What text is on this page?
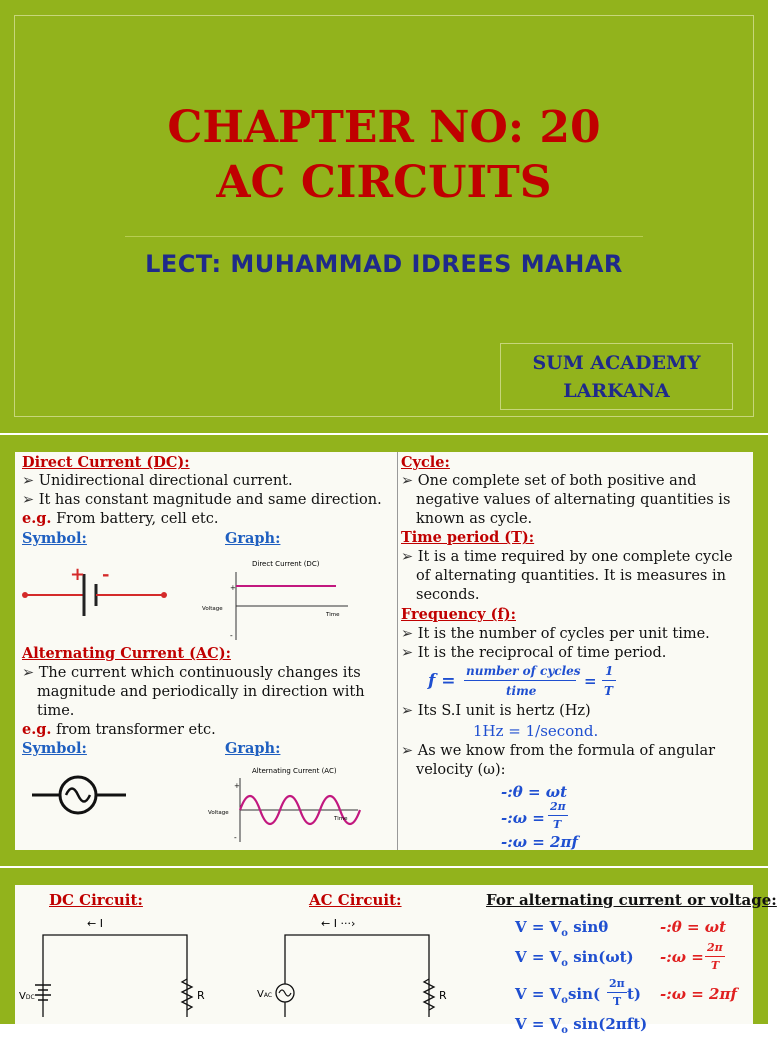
CHAPTER NO: 20
AC CIRCUITS
LECT: MUHAMMAD IDREES MAHAR
SUM ACADEMY
LARKANA
Direct Current (DC):
➢ Unidirectional directional current.
➢ It has constant magnitude and same direction.
e.g. From battery, cell etc.
Symbol:	Graph:
+ -	Direct Current (DC)
+
-
Voltage
Time
Alternating Current (AC):
➢ The current which continuously changes its
magnitude and periodically in direction with
time.
e.g. from transformer etc.
Symbol:	Graph:
Alternating Current (AC)
+
-
Voltage
Time
Cycle:
➢ One complete set of both positive and
negative values of alternating quantities is
known as cycle.
Time period (T):
➢ It is a time required by one complete cycle
of alternating quantities. It is measures in
seconds.
Frequency (f):
➢ It is the number of cycles per unit time.
➢ It is the reciprocal of time period.
f = number of cycles
time
=
1
T
➢ Its S.I unit is hertz (Hz)
1Hz = 1/second.
➢ As we know from the formula of angular
velocity (ω):
-:θ = ωt
-:ω =
2π
T
-:ω = 2πf
DC Circuit:	AC Circuit:
← I
VDC	R
← I ···›
VAC	R
For alternating current or voltage:
$V = V_o$ sinθ	-:θ = ωt
$V = V_o$ sin(ωt) -:ω =
2π
T
$V = V_o\sin$(
2π
T t) -:ω = 2πf
$V = V_o$ sin(2πft)
